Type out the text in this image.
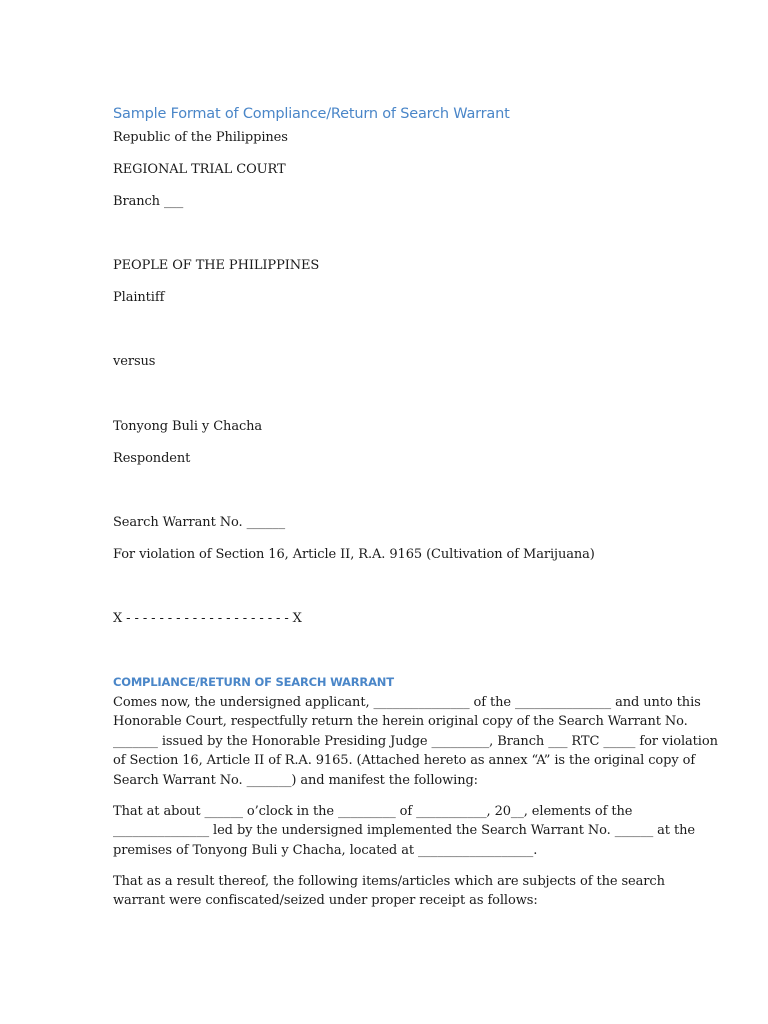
Sample Format of Compliance/Return of Search Warrant
Republic of the Philippines
REGIONAL TRIAL COURT
Branch ___
PEOPLE OF THE PHILIPPINES
Plaintiff
versus
Tonyong Buli y Chacha
Respondent
Search Warrant No. ______
For violation of Section 16, Article II, R.A. 9165 (Cultivation of Marijuana)
X - - - - - - - - - - - - - - - - - - - - X
COMPLIANCE/RETURN OF SEARCH WARRANT
Comes now, the undersigned applicant, _______________ of the _______________ and unto this
Honorable Court, respectfully return the herein original copy of the Search Warrant No.
_______ issued by the Honorable Presiding Judge _________, Branch ___ RTC _____ for violation
of Section 16, Article II of R.A. 9165. (Attached hereto as annex “A” is the original copy of
Search Warrant No. _______) and manifest the following:
That at about ______ o’clock in the _________ of ___________, 20__, elements of the
_______________ led by the undersigned implemented the Search Warrant No. ______ at the
premises of Tonyong Buli y Chacha, located at __________________.
That as a result thereof, the following items/articles which are subjects of the search
warrant were confiscated/seized under proper receipt as follows:
